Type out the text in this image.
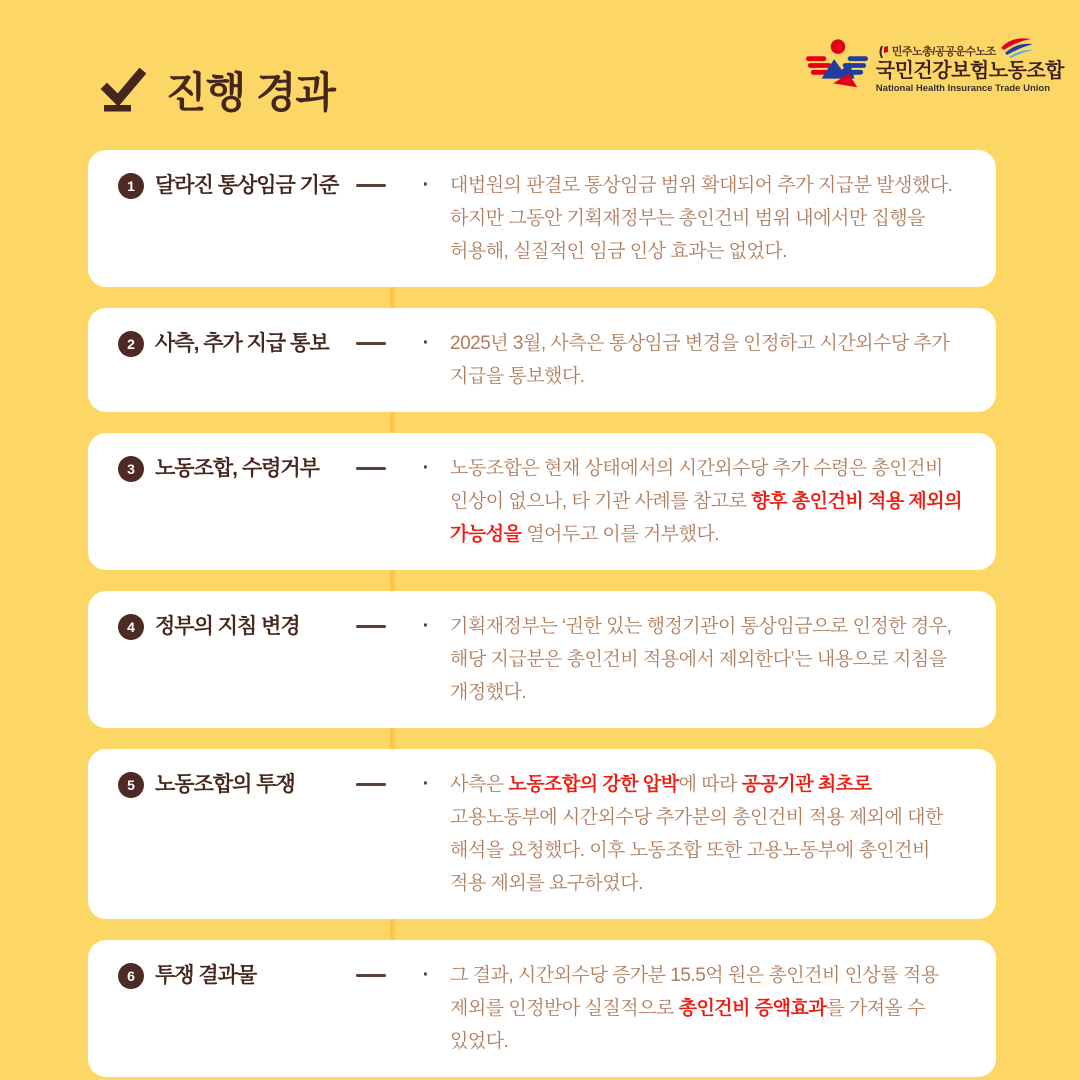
진행 경과
민주노총/공공운수노조
국민건강보험노동조합
National Health Insurance Trade Union
1 달라진 통상임금 기준	·	대법원의 판결로 통상임금 범위 확대되어 추가 지급분 발생했다. 하지만 그동안 기획재정부는 총인건비 범위 내에서만 집행을 허용해, 실질적인 임금 인상 효과는 없었다.
2 사측, 추가 지급 통보	·	2025년 3월, 사측은 통상임금 변경을 인정하고 시간외수당 추가 지급을 통보했다.
3 노동조합, 수령거부	·	노동조합은 현재 상태에서의 시간외수당 추가 수령은 총인건비 인상이 없으나, 타 기관 사례를 참고로 향후 총인건비 적용 제외의 가능성을 열어두고 이를 거부했다.
4 정부의 지침 변경	·	기획재정부는 ‘권한 있는 행정기관이 통상임금으로 인정한 경우, 해당 지급분은 총인건비 적용에서 제외한다’는 내용으로 지침을 개정했다.
5 노동조합의 투쟁	·	사측은 노동조합의 강한 압박에 따라 공공기관 최초로 고용노동부에 시간외수당 추가분의 총인건비 적용 제외에 대한 해석을 요청했다. 이후 노동조합 또한 고용노동부에 총인건비 적용 제외를 요구하였다.
6 투쟁 결과물	·	그 결과, 시간외수당 증가분 15.5억 원은 총인건비 인상률 적용 제외를 인정받아 실질적으로 총인건비 증액효과를 가져올 수 있었다.
